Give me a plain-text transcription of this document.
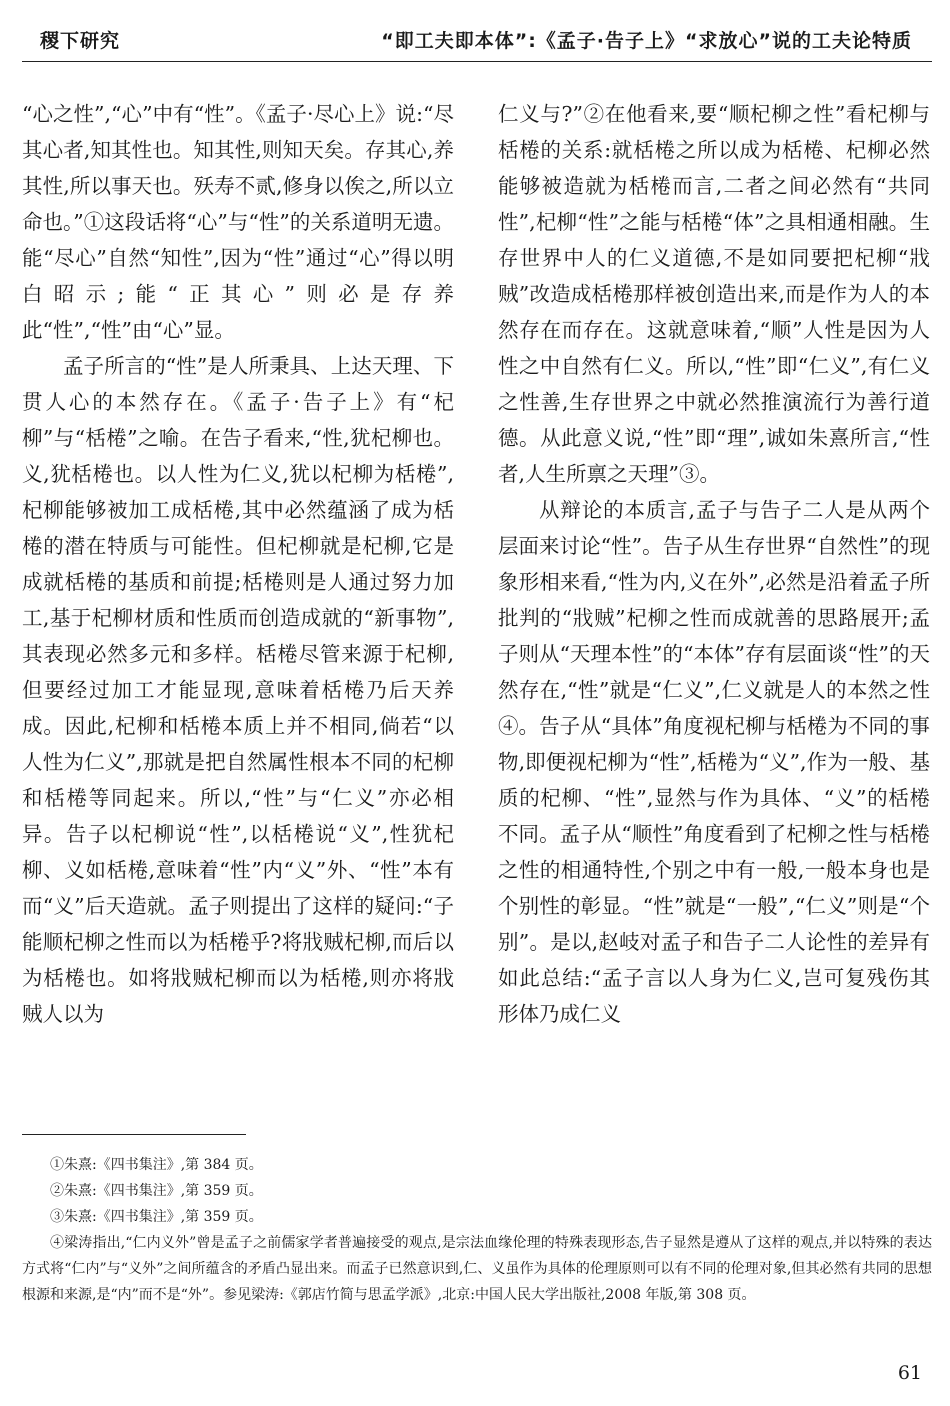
稷下研究	“即工夫即本体”:《孟子·告子上》“求放心”说的工夫论特质

“心之性”,“心”中有“性”。《孟子·尽心上》说:“尽其心者,知其性也。知其性,则知天矣。存其心,养其性,所以事天也。殀寿不贰,修身以俟之,所以立命也。”①这段话将“心”与“性”的关系道明无遗。能“尽心”自然“知性”,因为“性”通过“心”得以明白昭示;能“正其心”则必是存养此“性”,“性”由“心”显。

孟子所言的“性”是人所秉具、上达天理、下贯人心的本然存在。《孟子·告子上》有“杞柳”与“栝棬”之喻。在告子看来,“性,犹杞柳也。义,犹栝棬也。以人性为仁义,犹以杞柳为栝棬”,杞柳能够被加工成栝棬,其中必然蕴涵了成为栝棬的潜在特质与可能性。但杞柳就是杞柳,它是成就栝棬的基质和前提;栝棬则是人通过努力加工,基于杞柳材质和性质而创造成就的“新事物”,其表现必然多元和多样。栝棬尽管来源于杞柳,但要经过加工才能显现,意味着栝棬乃后天养成。因此,杞柳和栝棬本质上并不相同,倘若“以人性为仁义”,那就是把自然属性根本不同的杞柳和栝棬等同起来。所以,“性”与“仁义”亦必相异。告子以杞柳说“性”,以栝棬说“义”,性犹杞柳、义如栝棬,意味着“性”内“义”外、“性”本有而“义”后天造就。孟子则提出了这样的疑问:“子能顺杞柳之性而以为栝棬乎?将戕贼杞柳,而后以为栝棬也。如将戕贼杞柳而以为栝棬,则亦将戕贼人以为

仁义与?”②在他看来,要“顺杞柳之性”看杞柳与栝棬的关系:就栝棬之所以成为栝棬、杞柳必然能够被造就为栝棬而言,二者之间必然有“共同性”,杞柳“性”之能与栝棬“体”之具相通相融。生存世界中人的仁义道德,不是如同要把杞柳“戕贼”改造成栝棬那样被创造出来,而是作为人的本然存在而存在。这就意味着,“顺”人性是因为人性之中自然有仁义。所以,“性”即“仁义”,有仁义之性善,生存世界之中就必然推演流行为善行道德。从此意义说,“性”即“理”,诚如朱熹所言,“性者,人生所禀之天理”③。

从辩论的本质言,孟子与告子二人是从两个层面来讨论“性”。告子从生存世界“自然性”的现象形相来看,“性为内,义在外”,必然是沿着孟子所批判的“戕贼”杞柳之性而成就善的思路展开;孟子则从“天理本性”的“本体”存有层面谈“性”的天然存在,“性”就是“仁义”,仁义就是人的本然之性④。告子从“具体”角度视杞柳与栝棬为不同的事物,即便视杞柳为“性”,栝棬为“义”,作为一般、基质的杞柳、“性”,显然与作为具体、“义”的栝棬不同。孟子从“顺性”角度看到了杞柳之性与栝棬之性的相通特性,个别之中有一般,一般本身也是个别性的彰显。“性”就是“一般”,“仁义”则是“个别”。是以,赵岐对孟子和告子二人论性的差异有如此总结:“孟子言以人身为仁义,岂可复残伤其形体乃成仁义

①朱熹:《四书集注》,第 384 页。

②朱熹:《四书集注》,第 359 页。

③朱熹:《四书集注》,第 359 页。

④梁涛指出,“仁内义外”曾是孟子之前儒家学者普遍接受的观点,是宗法血缘伦理的特殊表现形态,告子显然是遵从了这样的观点,并以特殊的表达方式将“仁内”与“义外”之间所蕴含的矛盾凸显出来。而孟子已然意识到,仁、义虽作为具体的伦理原则可以有不同的伦理对象,但其必然有共同的思想根源和来源,是“内”而不是“外”。参见梁涛:《郭店竹简与思孟学派》,北京:中国人民大学出版社,2008 年版,第 308 页。

61
